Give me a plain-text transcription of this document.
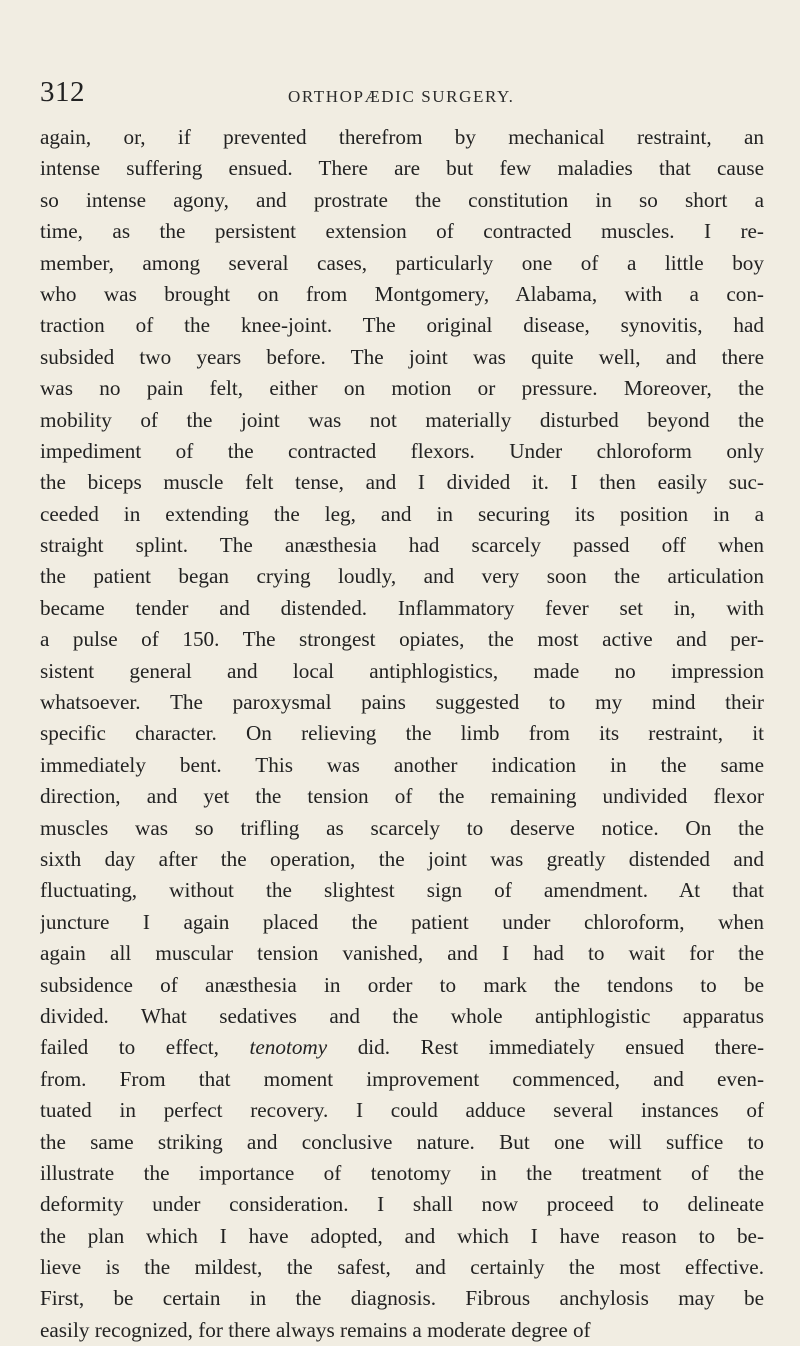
312	ORTHOPÆDIC SURGERY.
again, or, if prevented therefrom by mechanical restraint, an
intense suffering ensued. There are but few maladies that cause
so intense agony, and prostrate the constitution in so short a
time, as the persistent extension of contracted muscles. I re-
member, among several cases, particularly one of a little boy
who was brought on from Montgomery, Alabama, with a con-
traction of the knee-joint. The original disease, synovitis, had
subsided two years before. The joint was quite well, and there
was no pain felt, either on motion or pressure. Moreover, the
mobility of the joint was not materially disturbed beyond the
impediment of the contracted flexors. Under chloroform only
the biceps muscle felt tense, and I divided it. I then easily suc-
ceeded in extending the leg, and in securing its position in a
straight splint. The anæsthesia had scarcely passed off when
the patient began crying loudly, and very soon the articulation
became tender and distended. Inflammatory fever set in, with
a pulse of 150. The strongest opiates, the most active and per-
sistent general and local antiphlogistics, made no impression
whatsoever. The paroxysmal pains suggested to my mind their
specific character. On relieving the limb from its restraint, it
immediately bent. This was another indication in the same
direction, and yet the tension of the remaining undivided flexor
muscles was so trifling as scarcely to deserve notice. On the
sixth day after the operation, the joint was greatly distended and
fluctuating, without the slightest sign of amendment. At that
juncture I again placed the patient under chloroform, when
again all muscular tension vanished, and I had to wait for the
subsidence of anæsthesia in order to mark the tendons to be
divided. What sedatives and the whole antiphlogistic apparatus
failed to effect, tenotomy did. Rest immediately ensued there-
from. From that moment improvement commenced, and even-
tuated in perfect recovery. I could adduce several instances of
the same striking and conclusive nature. But one will suffice to
illustrate the importance of tenotomy in the treatment of the
deformity under consideration. I shall now proceed to delineate
the plan which I have adopted, and which I have reason to be-
lieve is the mildest, the safest, and certainly the most effective.
First, be certain in the diagnosis. Fibrous anchylosis may be
easily recognized, for there always remains a moderate degree of
